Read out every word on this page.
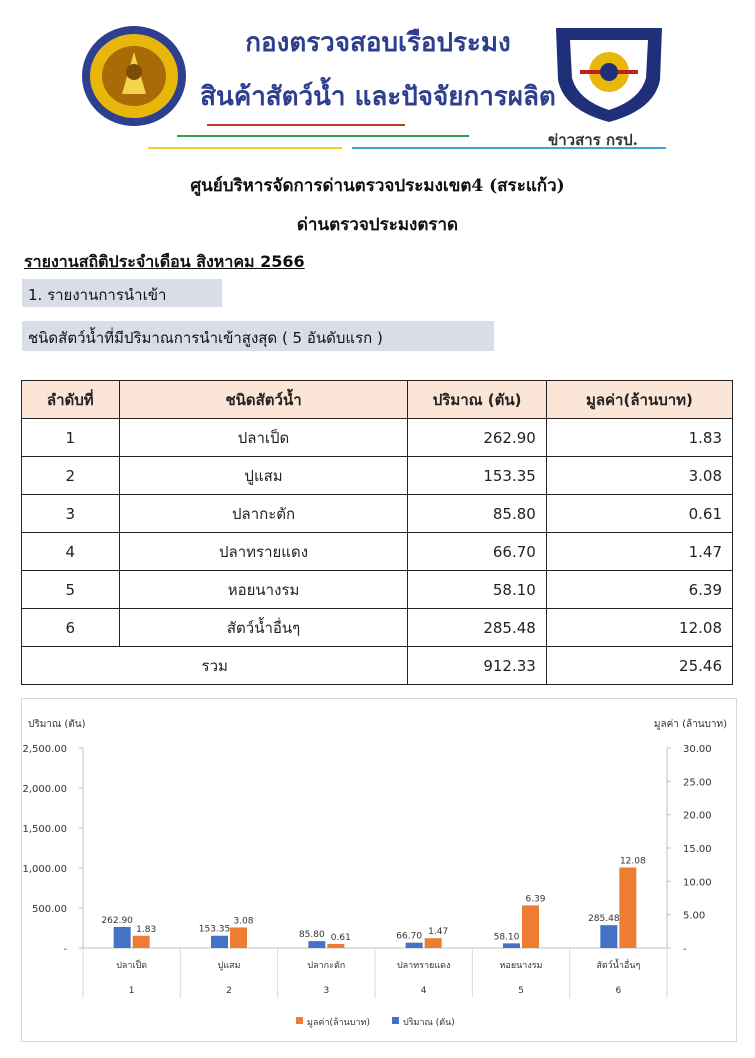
กองตรวจสอบเรือประมง
สินค้าสัตว์น้ำ และปัจจัยการผลิต
ข่าวสาร กรป.
ศูนย์บริหารจัดการด่านตรวจประมงเขต4 (สระแก้ว)
ด่านตรวจประมงตราด
รายงานสถิติประจำเดือน สิงหาคม 2566
1. รายงานการนำเข้า
ชนิดสัตว์น้ำที่มีปริมาณการนำเข้าสูงสุด ( 5 อันดับแรก )
ลำดับที่	ชนิดสัตว์น้ำ	ปริมาณ (ตัน)	มูลค่า(ล้านบาท)
1	ปลาเป็ด	262.90	1.83
2	ปูแสม	153.35	3.08
3	ปลากะตัก	85.80	0.61
4	ปลาทรายแดง	66.70	1.47
5	หอยนางรม	58.10	6.39
6	สัตว์น้ำอื่นๆ	285.48	12.08
รวม		912.33	25.46
ปริมาณ (ตัน)	มูลค่า (ล้านบาท)
-
500.00
1,000.00
1,500.00
2,000.00
2,500.00
-
5.00
10.00
15.00
20.00
25.00
30.00
262.90
1.83
ปลาเป็ด
1
153.35
3.08
ปูแสม
2
85.80 0.61
ปลากะตัก
3
66.70 1.47
ปลาทรายแดง
4
58.10
6.39
หอยนางรม
5
285.48
12.08
สัตว์น้ำอื่นๆ
6
มูลค่า(ล้านบาท)	ปริมาณ (ตัน)
